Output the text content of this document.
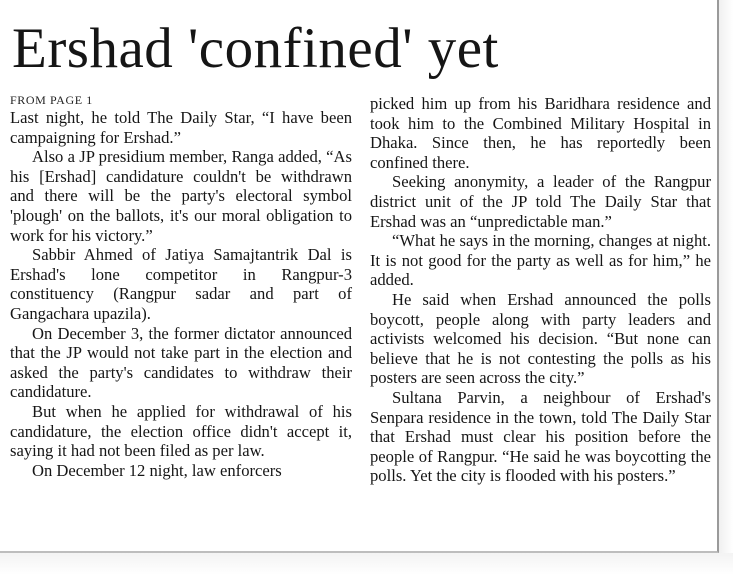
Ershad 'confined' yet
FROM PAGE 1

Last night, he told The Daily Star, “I have been campaigning for Ershad.”

Also a JP presidium member, Ranga added, “As his [Ershad] candidature couldn't be withdrawn and there will be the party's electoral symbol 'plough' on the ballots, it's our moral obligation to work for his victory.”

Sabbir Ahmed of Jatiya Samajtantrik Dal is Ershad's lone competitor in Rangpur-3 constituency (Rangpur sadar and part of Gangachara upazila).

On December 3, the former dictator announced that the JP would not take part in the election and asked the party's candidates to withdraw their candidature.

But when he applied for withdrawal of his candidature, the election office didn't accept it, saying it had not been filed as per law.

On December 12 night, law enforcers

picked him up from his Baridhara residence and took him to the Combined Military Hospital in Dhaka. Since then, he has reportedly been confined there.

Seeking anonymity, a leader of the Rangpur district unit of the JP told The Daily Star that Ershad was an “unpredictable man.”

“What he says in the morning, changes at night. It is not good for the party as well as for him,” he added.

He said when Ershad announced the polls boycott, people along with party leaders and activists welcomed his decision. “But none can believe that he is not contesting the polls as his posters are seen across the city.”

Sultana Parvin, a neighbour of Ershad's Senpara residence in the town, told The Daily Star that Ershad must clear his position before the people of Rangpur. “He said he was boycotting the polls. Yet the city is flooded with his posters.”
